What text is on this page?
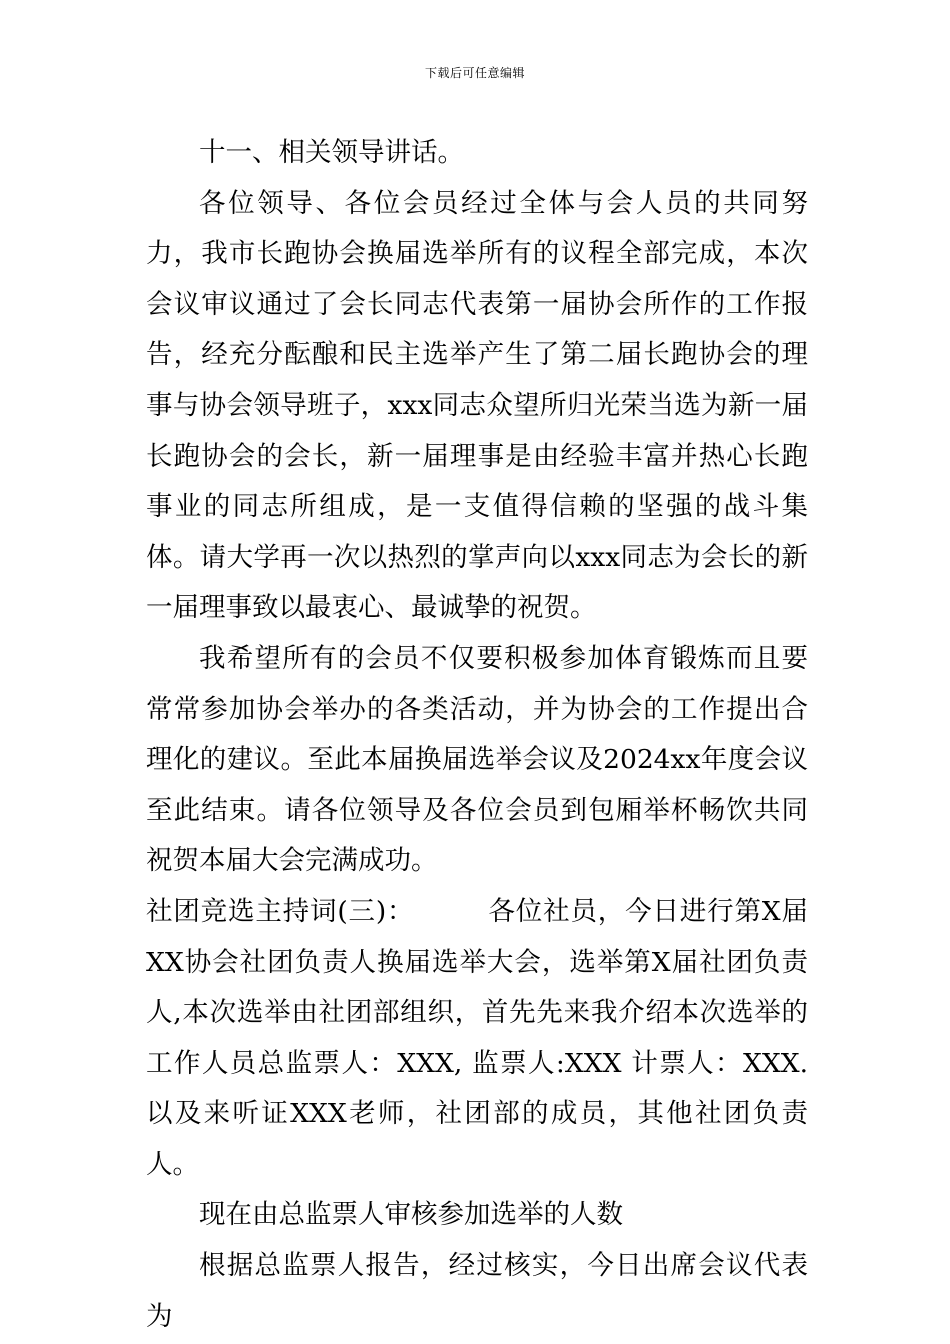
下载后可任意编辑

十一、相关领导讲话。

各位领导、各位会员经过全体与会人员的共同努力，我市长跑协会换届选举所有的议程全部完成，本次会议审议通过了会长同志代表第一届协会所作的工作报告，经充分酝酿和民主选举产生了第二届长跑协会的理事与协会领导班子，xxx同志众望所归光荣当选为新一届长跑协会的会长，新一届理事是由经验丰富并热心长跑事业的同志所组成，是一支值得信赖的坚强的战斗集体。请大学再一次以热烈的掌声向以xxx同志为会长的新一届理事致以最衷心、最诚挚的祝贺。

我希望所有的会员不仅要积极参加体育锻炼而且要常常参加协会举办的各类活动，并为协会的工作提出合理化的建议。至此本届换届选举会议及2024xx年度会议至此结束。请各位领导及各位会员到包厢举杯畅饮共同祝贺本届大会完满成功。

社团竞选主持词(三)：        各位社员，今日进行第X届XX协会社团负责人换届选举大会，选举第X届社团负责人,本次选举由社团部组织，首先先来我介绍本次选举的工作人员总监票人：XXX, 监票人:XXX 计票人：XXX. 以及来听证XXX老师，社团部的成员，其他社团负责人。

现在由总监票人审核参加选举的人数

根据总监票人报告，经过核实，今日出席会议代表为
